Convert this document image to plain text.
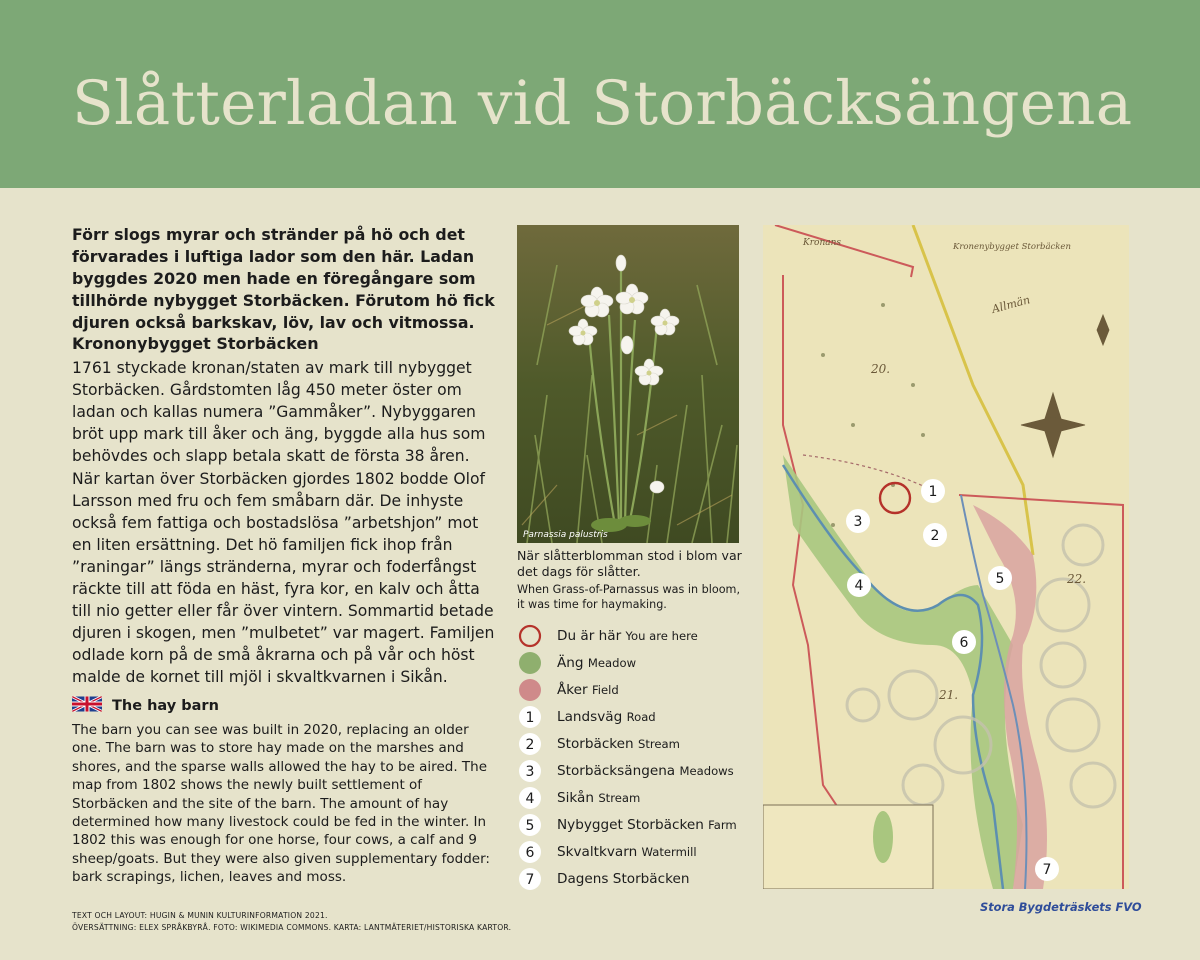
Slåtterladan vid Storbäcksängena
Förr slogs myrar och stränder på hö och det förvarades i luftiga lador som den här. Ladan byggdes 2020 men hade en föregångare som tillhörde nybygget Storbäcken. Förutom hö fick djuren också barkskav, löv, lav och vitmossa.
Krononybygget Storbäcken
1761 styckade kronan/staten av mark till nybygget Storbäcken. Gårdstomten låg 450 meter öster om ladan och kallas numera ”Gammåker”. Nybyggaren bröt upp mark till åker och äng, byggde alla hus som behövdes och slapp betala skatt de första 38 åren.
När kartan över Storbäcken gjordes 1802 bodde Olof Larsson med fru och fem småbarn där. De inhyste också fem fattiga och bostadslösa ”arbetshjon” mot en liten ersättning. Det hö familjen fick ihop från ”raningar” längs stränderna, myrar och foderfångst räckte till att föda en häst, fyra kor, en kalv och åtta till nio getter eller får över vintern. Sommartid betade djuren i skogen, men ”mulbetet” var magert. Familjen odlade korn på de små åkrarna och på vår och höst malde de kornet till mjöl i skvaltkvarnen i Sikån.
The hay barn
The barn you can see was built in 2020, replacing an older one. The barn was to store hay made on the marshes and shores, and the sparse walls allowed the hay to be aired. The map from 1802 shows the newly built settlement of Storbäcken and the site of the barn. The amount of hay determined how many livestock could be fed in the winter. In 1802 this was enough for one horse, four cows, a calf and 9 sheep/goats. But they were also given supplementary fodder: bark scrapings, lichen, leaves and moss.
TEXT OCH LAYOUT: HUGIN & MUNIN KULTURINFORMATION 2021.
ÖVERSÄTTNING: ELEX SPRÅKBYRÅ. FOTO: WIKIMEDIA COMMONS. KARTA: LANTMÄTERIET/HISTORISKA KARTOR.
Parnassia palustris
När slåtterblomman stod i blom var det dags för slåtter.
When Grass-of-Parnassus was in bloom, it was time for haymaking.
Du är här You are here
Äng Meadow
Åker Field
1 Landsväg Road
2 Storbäcken Stream
3 Storbäcksängena Meadows
4 Sikån Stream
5 Nybygget Storbäcken Farm
6 Skvaltkvarn Watermill
7 Dagens Storbäcken
Kronans
Allmän
Kronenybygget Storbäcken
20.
21.
22.
1
2
3
4	5
6
7
Stora Bygdeträskets FVO
